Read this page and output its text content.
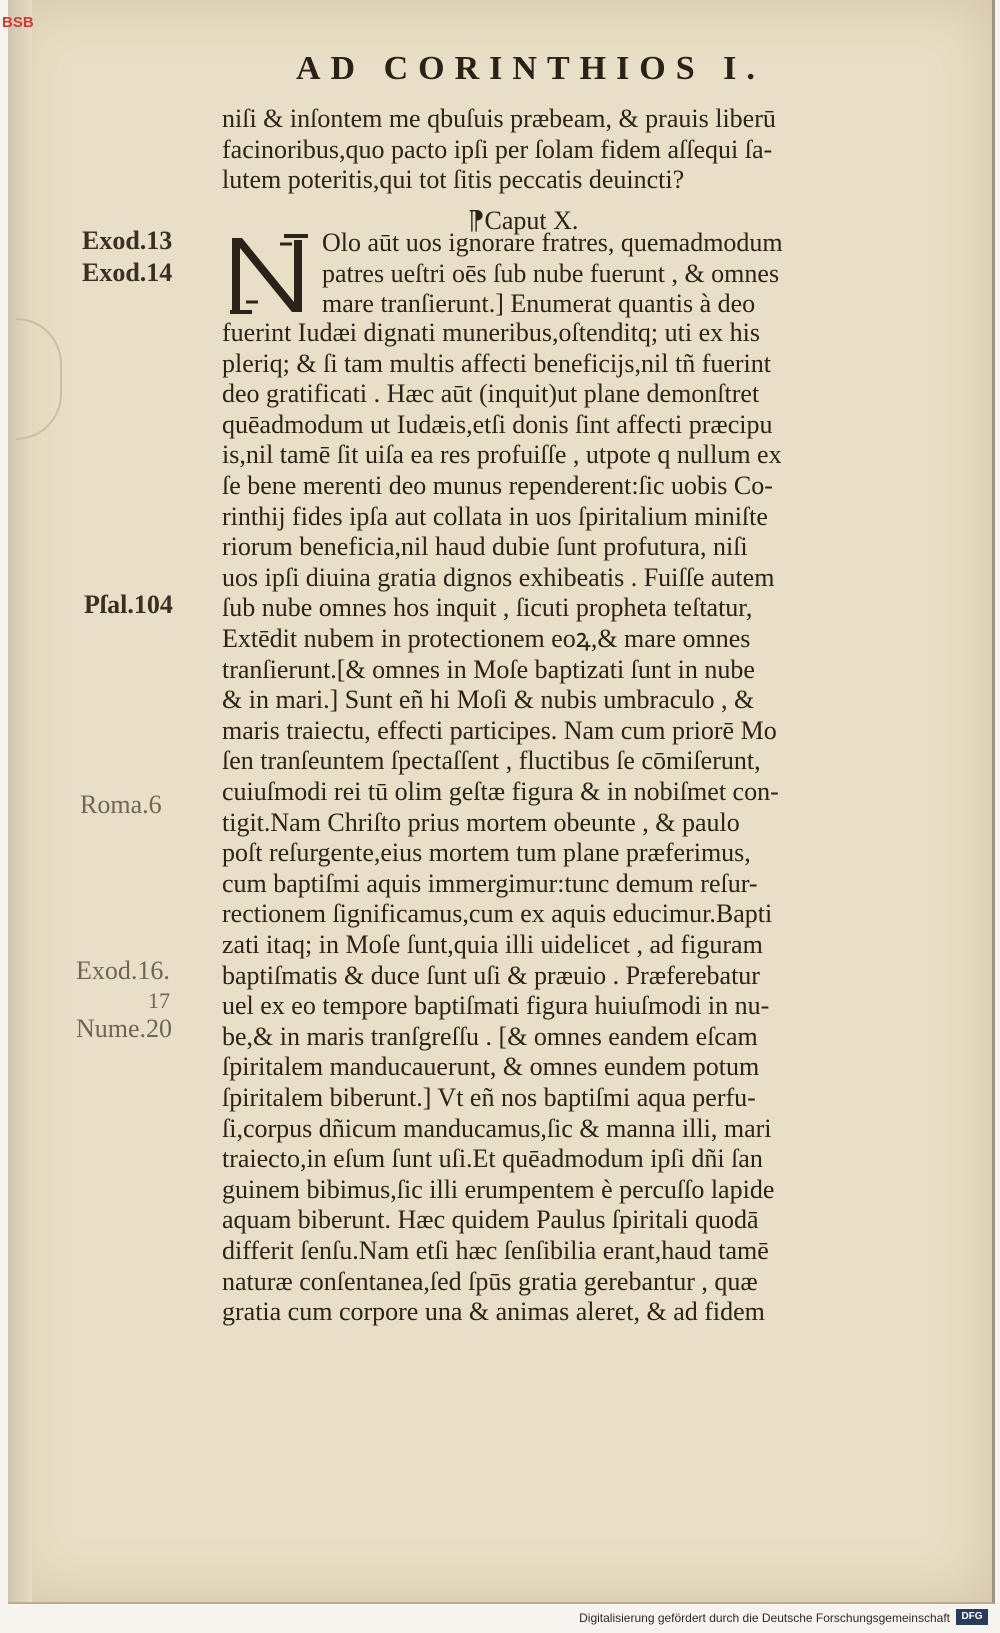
BSB
AD CORINTHIOS I.
niſi & inſontem me qbuſuis præbeam, & prauis liberū
facinoribus,quo pacto ipſi per ſolam fidem aſſequi ſa-
lutem poteritis,qui tot ſitis peccatis deuincti?
⁋Caput X.
Olo aūt uos ignorare fratres, quemadmodum
patres ueſtri oēs ſub nube fuerunt , & omnes
mare tranſierunt.] Enumerat quantis à deo
fuerint Iudæi dignati muneribus,oſtenditq; uti ex his
pleriq; & ſi tam multis affecti beneficijs,nil tñ fuerint
deo gratificati . Hæc aūt (inquit)ut plane demonſtret
quēadmodum ut Iudæis,etſi donis ſint affecti præcipu
is,nil tamē ſit uiſa ea res profuiſſe , utpote q nullum ex
ſe bene merenti deo munus rependerent:ſic uobis Co-
rinthij fides ipſa aut collata in uos ſpiritalium miniſte
riorum beneficia,nil haud dubie ſunt profutura, niſi
uos ipſi diuina gratia dignos exhibeatis . Fuiſſe autem
ſub nube omnes hos inquit , ſicuti propheta teſtatur,
Extēdit nubem in protectionem eoꝝ,& mare omnes
tranſierunt.[& omnes in Moſe baptizati ſunt in nube
& in mari.] Sunt eñ hi Moſi & nubis umbraculo , &
maris traiectu, effecti participes. Nam cum priorē Mo
ſen tranſeuntem ſpectaſſent , fluctibus ſe cōmiſerunt,
cuiuſmodi rei tū olim geſtæ figura & in nobiſmet con-
tigit.Nam Chriſto prius mortem obeunte , & paulo
poſt reſurgente,eius mortem tum plane præferimus,
cum baptiſmi aquis immergimur:tunc demum reſur-
rectionem ſignificamus,cum ex aquis educimur.Bapti
zati itaq; in Moſe ſunt,quia illi uidelicet , ad figuram
baptiſmatis & duce ſunt uſi & præuio . Præferebatur
uel ex eo tempore baptiſmati figura huiuſmodi in nu-
be,& in maris tranſgreſſu . [& omnes eandem eſcam
ſpiritalem manducauerunt, & omnes eundem potum
ſpiritalem biberunt.] Vt eñ nos baptiſmi aqua perfu-
ſi,corpus dñicum manducamus,ſic & manna illi, mari
traiecto,in eſum ſunt uſi.Et quēadmodum ipſi dñi ſan
guinem bibimus,ſic illi erumpentem è percuſſo lapide
aquam biberunt. Hæc quidem Paulus ſpiritali quodā
differit ſenſu.Nam etſi hæc ſenſibilia erant,haud tamē
naturæ conſentanea,ſed ſpūs gratia gerebantur , quæ
gratia cum corpore una & animas aleret, & ad fidem
Exod.13
Exod.14
Pſal.104
Roma.6
Exod.16.
17
Nume.20
Digitalisierung gefördert durch die Deutsche Forschungsgemeinschaft	DFG
